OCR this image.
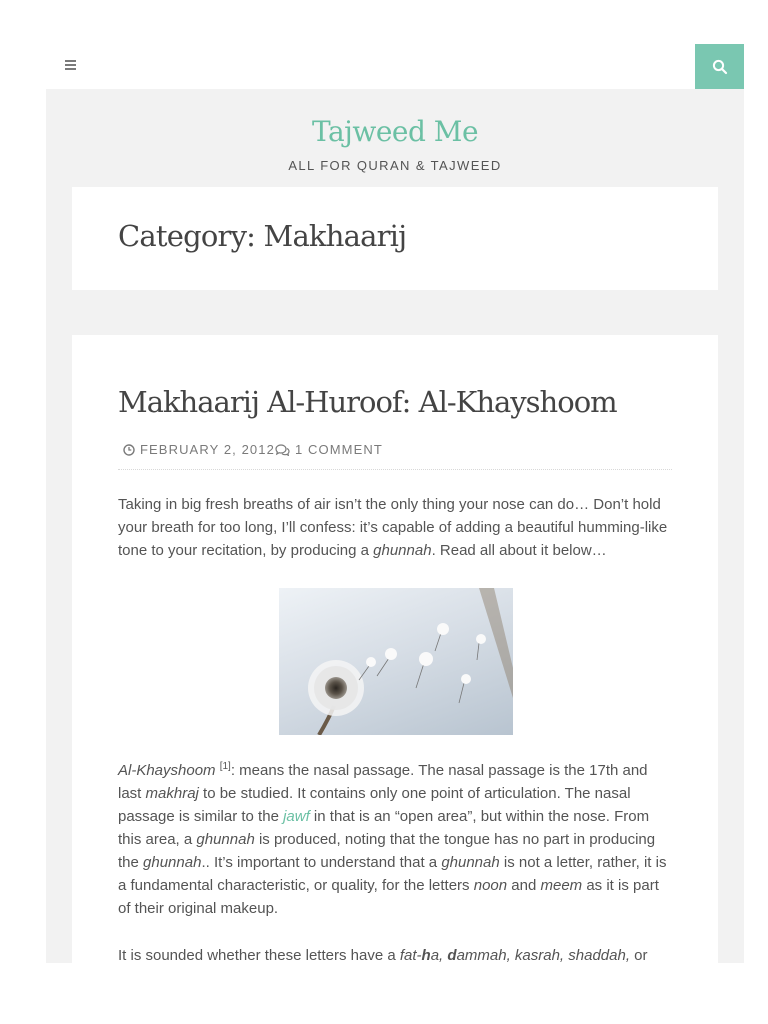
Tajweed Me
ALL FOR QURAN & TAJWEED
Category: Makhaarij
Makhaarij Al-Huroof: Al-Khayshoom
FEBRUARY 2, 2012 1 COMMENT

Taking in big fresh breaths of air isn’t the only thing your nose can do… Don’t hold your breath for too long, I’ll confess: it’s capable of adding a beautiful humming-like tone to your recitation, by producing a ghunnah. Read all about it below…

Al-Khayshoom [1]: means the nasal passage. The nasal passage is the 17th and last makhraj to be studied. It contains only one point of articulation. The nasal passage is similar to the jawf in that is an “open area”, but within the nose. From this area, a ghunnah is produced, noting that the tongue has no part in producing the ghunnah.. It’s important to understand that a ghunnah is not a letter, rather, it is a fundamental characteristic, or quality, for the letters noon and meem as it is part of their original makeup.

It is sounded whether these letters have a fat-ha, dammah, kasrah, shaddah, or
